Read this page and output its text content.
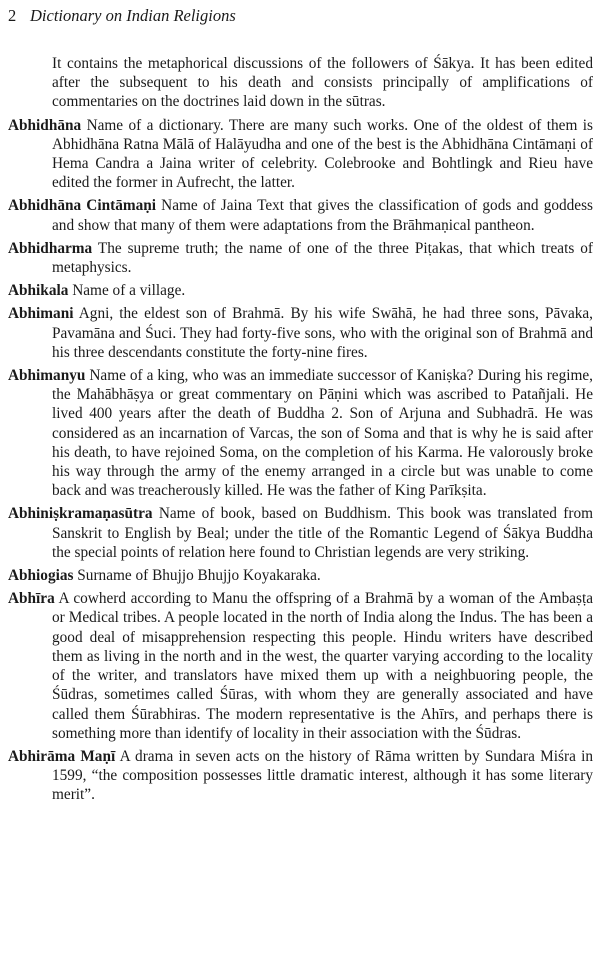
2 Dictionary on Indian Religions

It contains the metaphorical discussions of the followers of Śākya. It has been edited after the subsequent to his death and consists principally of amplifications of commentaries on the doctrines laid down in the sūtras.

Abhidhāna Name of a dictionary. There are many such works. One of the oldest of them is Abhidhāna Ratna Mālā of Halāyudha and one of the best is the Abhidhāna Cintāmaṇi of Hema Candra a Jaina writer of celebrity. Colebrooke and Bohtlingk and Rieu have edited the former in Aufrecht, the latter.

Abhidhāna Cintāmaṇi Name of Jaina Text that gives the classification of gods and goddess and show that many of them were adaptations from the Brāhmaṇical pantheon.

Abhidharma The supreme truth; the name of one of the three Piṭakas, that which treats of metaphysics.

Abhikala Name of a village.

Abhimani Agni, the eldest son of Brahmā. By his wife Swāhā, he had three sons, Pāvaka, Pavamāna and Śuci. They had forty-five sons, who with the original son of Brahmā and his three descendants constitute the forty-nine fires.

Abhimanyu Name of a king, who was an immediate successor of Kaniṣka? During his regime, the Mahābhāṣya or great commentary on Pāṇini which was ascribed to Patañjali. He lived 400 years after the death of Buddha 2. Son of Arjuna and Subhadrā. He was considered as an incarnation of Varcas, the son of Soma and that is why he is said after his death, to have rejoined Soma, on the completion of his Karma. He valorously broke his way through the army of the enemy arranged in a circle but was unable to come back and was treacherously killed. He was the father of King Parīkṣita.

Abhiniṣkramaṇasūtra Name of book, based on Buddhism. This book was translated from Sanskrit to English by Beal; under the title of the Romantic Legend of Śākya Buddha the special points of relation here found to Christian legends are very striking.

Abhiogias Surname of Bhujjo Bhujjo Koyakaraka.

Abhīra A cowherd according to Manu the offspring of a Brahmā by a woman of the Ambaṣṭa or Medical tribes. A people located in the north of India along the Indus. The has been a good deal of misapprehension respecting this people. Hindu writers have described them as living in the north and in the west, the quarter varying according to the locality of the writer, and translators have mixed them up with a neighbuoring people, the Śūdras, sometimes called Śūras, with whom they are generally associated and have called them Śūrabhiras. The modern representative is the Ahīrs, and perhaps there is something more than identify of locality in their association with the Śūdras.

Abhirāma Maṇī A drama in seven acts on the history of Rāma written by Sundara Miśra in 1599, “the composition possesses little dramatic interest, although it has some literary merit”.
